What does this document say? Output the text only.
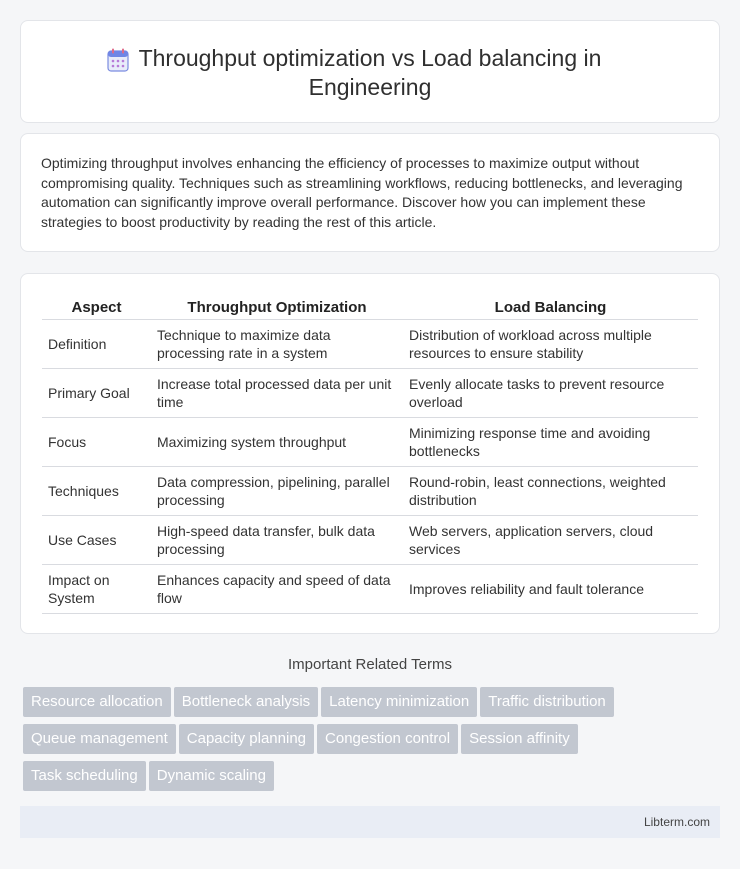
Throughput optimization vs Load balancing in
Engineering

Optimizing throughput involves enhancing the efficiency of processes to maximize output without compromising quality. Techniques such as streamlining workflows, reducing bottlenecks, and leveraging automation can significantly improve overall performance. Discover how you can implement these strategies to boost productivity by reading the rest of this article.

Aspect	Throughput Optimization	Load Balancing
Definition	Technique to maximize data processing rate in a system	Distribution of workload across multiple resources to ensure stability
Primary Goal	Increase total processed data per unit time	Evenly allocate tasks to prevent resource overload
Focus	Maximizing system throughput	Minimizing response time and avoiding bottlenecks
Techniques	Data compression, pipelining, parallel processing	Round-robin, least connections, weighted distribution
Use Cases	High-speed data transfer, bulk data processing	Web servers, application servers, cloud services
Impact on System	Enhances capacity and speed of data flow	Improves reliability and fault tolerance
Important Related Terms
Resource allocation Bottleneck analysis Latency minimization Traffic distribution
Queue management Capacity planning Congestion control Session affinity
Task scheduling Dynamic scaling
Libterm.com
